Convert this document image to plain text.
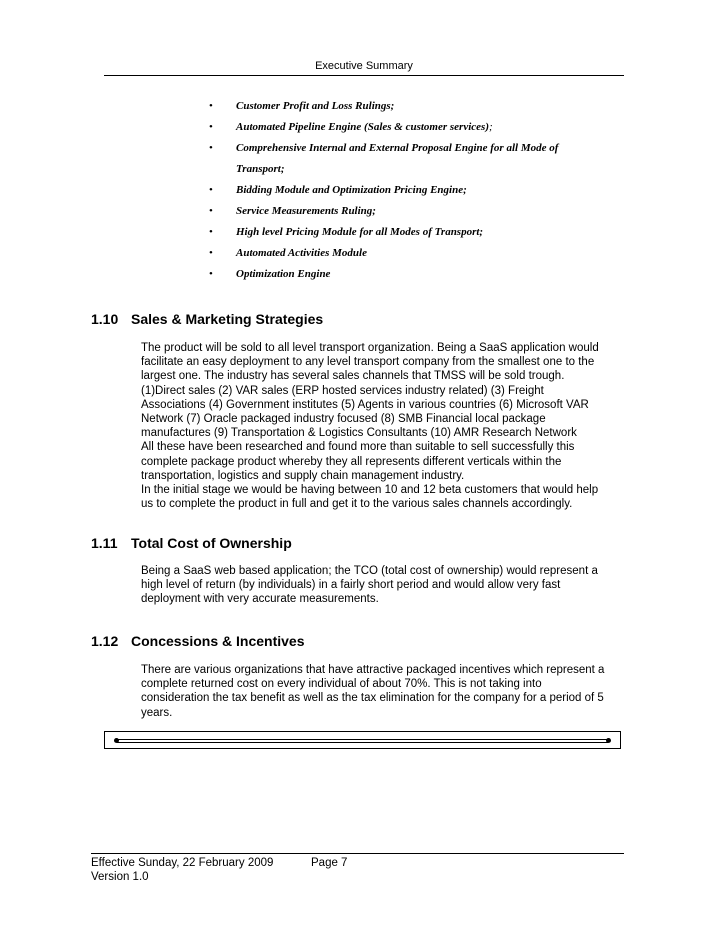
Executive Summary
• Customer Profit and Loss Rulings;
• Automated Pipeline Engine (Sales & customer services);
• Comprehensive Internal and External Proposal Engine for all Mode of
Transport;
• Bidding Module and Optimization Pricing Engine;
• Service Measurements Ruling;
• High level Pricing Module for all Modes of Transport;
• Automated Activities Module
• Optimization Engine
1.10 Sales & Marketing Strategies

The product will be sold to all level transport organization. Being a SaaS application would

facilitate an easy deployment to any level transport company from the smallest one to the

largest one. The industry has several sales channels that TMSS will be sold trough.

(1)Direct sales (2) VAR sales (ERP hosted services industry related) (3) Freight

Associations (4) Government institutes (5) Agents in various countries (6) Microsoft VAR

Network (7) Oracle packaged industry focused (8) SMB Financial local package

manufactures (9) Transportation & Logistics Consultants (10) AMR Research Network

All these have been researched and found more than suitable to sell successfully this

complete package product whereby they all represents different verticals within the

transportation, logistics and supply chain management industry.

In the initial stage we would be having between 10 and 12 beta customers that would help

us to complete the product in full and get it to the various sales channels accordingly.

1.11 Total Cost of Ownership

Being a SaaS web based application; the TCO (total cost of ownership) would represent a

high level of return (by individuals) in a fairly short period and would allow very fast

deployment with very accurate measurements.

1.12 Concessions & Incentives

There are various organizations that have attractive packaged incentives which represent a

complete returned cost on every individual of about 70%. This is not taking into

consideration the tax benefit as well as the tax elimination for the company for a period of 5

years.

Effective Sunday, 22 February 2009
Version 1.0
Page 7
